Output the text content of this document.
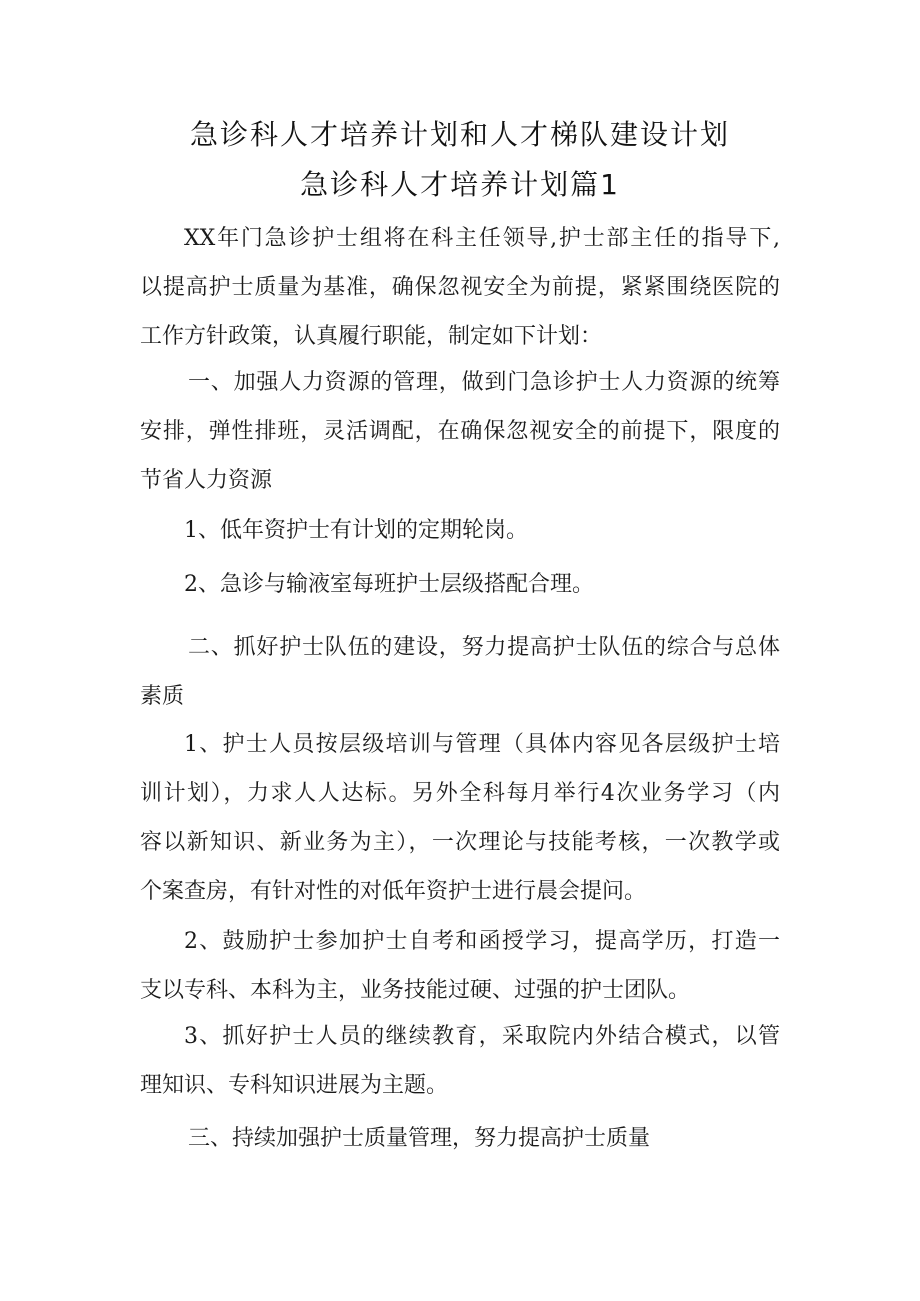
急诊科人才培养计划和人才梯队建设计划
急诊科人才培养计划篇1

XX年门急诊护士组将在科主任领导,护士部主任的指导下,
以提高护士质量为基准，确保忽视安全为前提，紧紧围绕医院的
工作方针政策，认真履行职能，制定如下计划：

一、加强人力资源的管理，做到门急诊护士人力资源的统筹
安排，弹性排班，灵活调配，在确保忽视安全的前提下，限度的
节省人力资源

1、低年资护士有计划的定期轮岗。

2、急诊与输液室每班护士层级搭配合理。

二、抓好护士队伍的建设，努力提高护士队伍的综合与总体
素质

1、护士人员按层级培训与管理（具体内容见各层级护士培
训计划），力求人人达标。另外全科每月举行4次业务学习（内
容以新知识、新业务为主），一次理论与技能考核，一次教学或
个案查房，有针对性的对低年资护士进行晨会提问。

2、鼓励护士参加护士自考和函授学习，提高学历，打造一
支以专科、本科为主，业务技能过硬、过强的护士团队。

3、抓好护士人员的继续教育，采取院内外结合模式，以管
理知识、专科知识进展为主题。

三、持续加强护士质量管理，努力提高护士质量
